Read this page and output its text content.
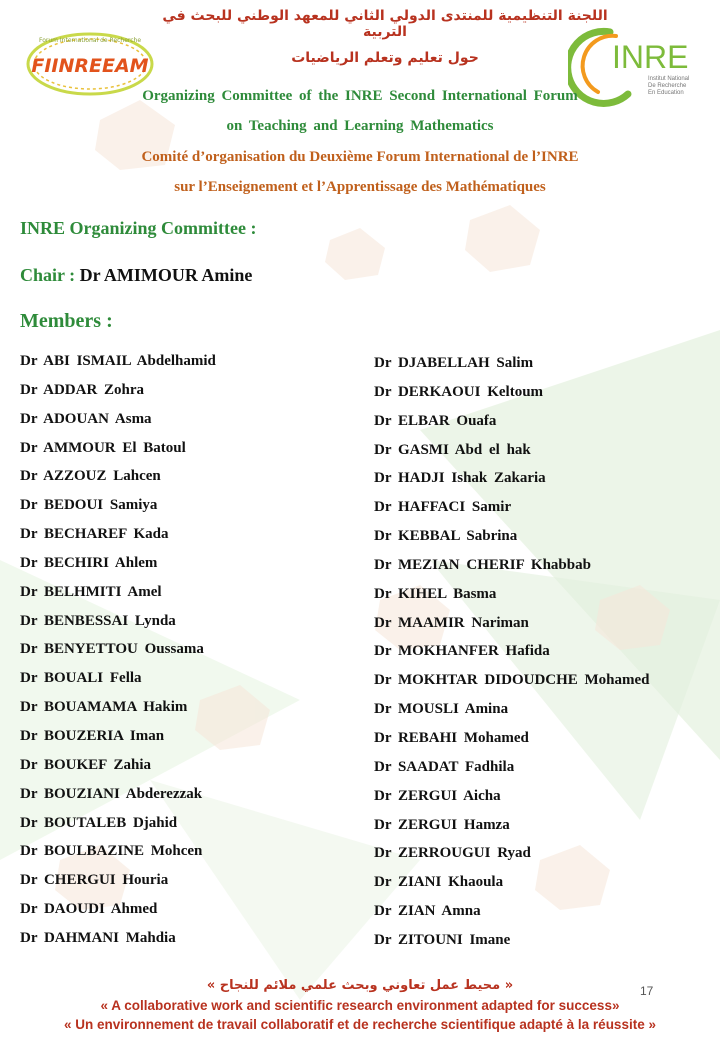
Forum International de Recherche
FIINREEAM	INRE
Institut National
De Recherche
En Education
اللجنة التنظيمية للمنتدى الدولي الثاني للمعهد الوطني للبحث في التربية
حول تعليم وتعلم الرياضيات
Organizing Committee of the INRE Second International Forum
on Teaching and Learning Mathematics
Comité d’organisation du Deuxième Forum International de l’INRE
sur l’Enseignement et l’Apprentissage des Mathématiques
INRE Organizing Committee :
Chair : Dr AMIMOUR Amine
Members :
Dr ABI ISMAIL Abdelhamid
Dr ADDAR Zohra
Dr ADOUAN Asma
Dr AMMOUR El Batoul
Dr AZZOUZ Lahcen
Dr BEDOUI Samiya
Dr BECHAREF Kada
Dr BECHIRI Ahlem
Dr BELHMITI Amel
Dr BENBESSAI Lynda
Dr BENYETTOU Oussama
Dr BOUALI Fella
Dr BOUAMAMA Hakim
Dr BOUZERIA Iman
Dr BOUKEF Zahia
Dr BOUZIANI Abderezzak
Dr BOUTALEB Djahid
Dr BOULBAZINE Mohcen
Dr CHERGUI Houria
Dr DAOUDI Ahmed
Dr DAHMANI Mahdia
Dr DJABELLAH Salim
Dr DERKAOUI Keltoum
Dr ELBAR Ouafa
Dr GASMI Abd el hak
Dr HADJI Ishak Zakaria
Dr HAFFACI Samir
Dr KEBBAL Sabrina
Dr MEZIAN CHERIF Khabbab
Dr KIHEL Basma
Dr MAAMIR Nariman
Dr MOKHANFER Hafida
Dr MOKHTAR DIDOUDCHE Mohamed
Dr MOUSLI Amina
Dr REBAHI Mohamed
Dr SAADAT Fadhila
Dr ZERGUI Aicha
Dr ZERGUI Hamza
Dr ZERROUGUI Ryad
Dr ZIANI Khaoula
Dr ZIAN Amna
Dr ZITOUNI Imane
17
« محيط عمل تعاوني وبحث علمي ملائم للنجاح »
« A collaborative work and scientific research environment adapted for success»
« Un environnement de travail collaboratif et de recherche scientifique adapté à la réussite »
